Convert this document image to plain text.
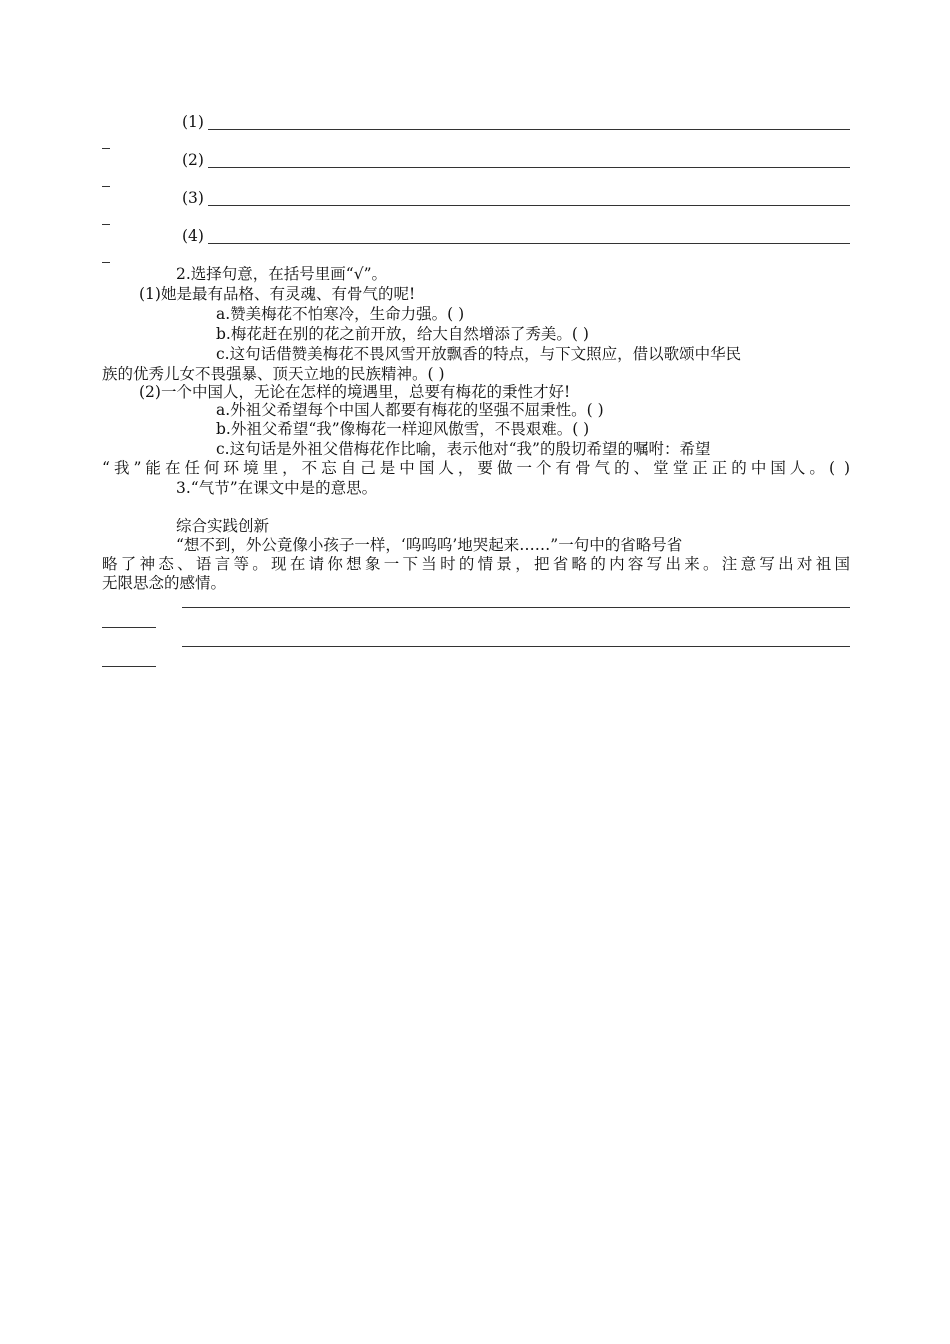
(1)
(2)
(3)
(4)
2.选择句意，在括号里画“√”。
(1)她是最有品格、有灵魂、有骨气的呢!
a.赞美梅花不怕寒冷，生命力强。( )
b.梅花赶在别的花之前开放，给大自然增添了秀美。( )
c.这句话借赞美梅花不畏风雪开放飘香的特点，与下文照应，借以歌颂中华民
族的优秀儿女不畏强暴、顶天立地的民族精神。( )
(2)一个中国人，无论在怎样的境遇里，总要有梅花的秉性才好!
a.外祖父希望每个中国人都要有梅花的坚强不屈秉性。( )
b.外祖父希望“我”像梅花一样迎风傲雪，不畏艰难。( )
c.这句话是外祖父借梅花作比喻，表示他对“我”的殷切希望的嘱咐：希望
“我”能在任何环境里，不忘自己是中国人，要做一个有骨气的、堂堂正正的中国人。( )
3.“气节”在课文中是的意思。
综合实践创新
“想不到，外公竟像小孩子一样，‘呜呜呜’地哭起来……”一句中的省略号省
略了神态、语言等。现在请你想象一下当时的情景，把省略的内容写出来。注意写出对祖国
无限思念的感情。
